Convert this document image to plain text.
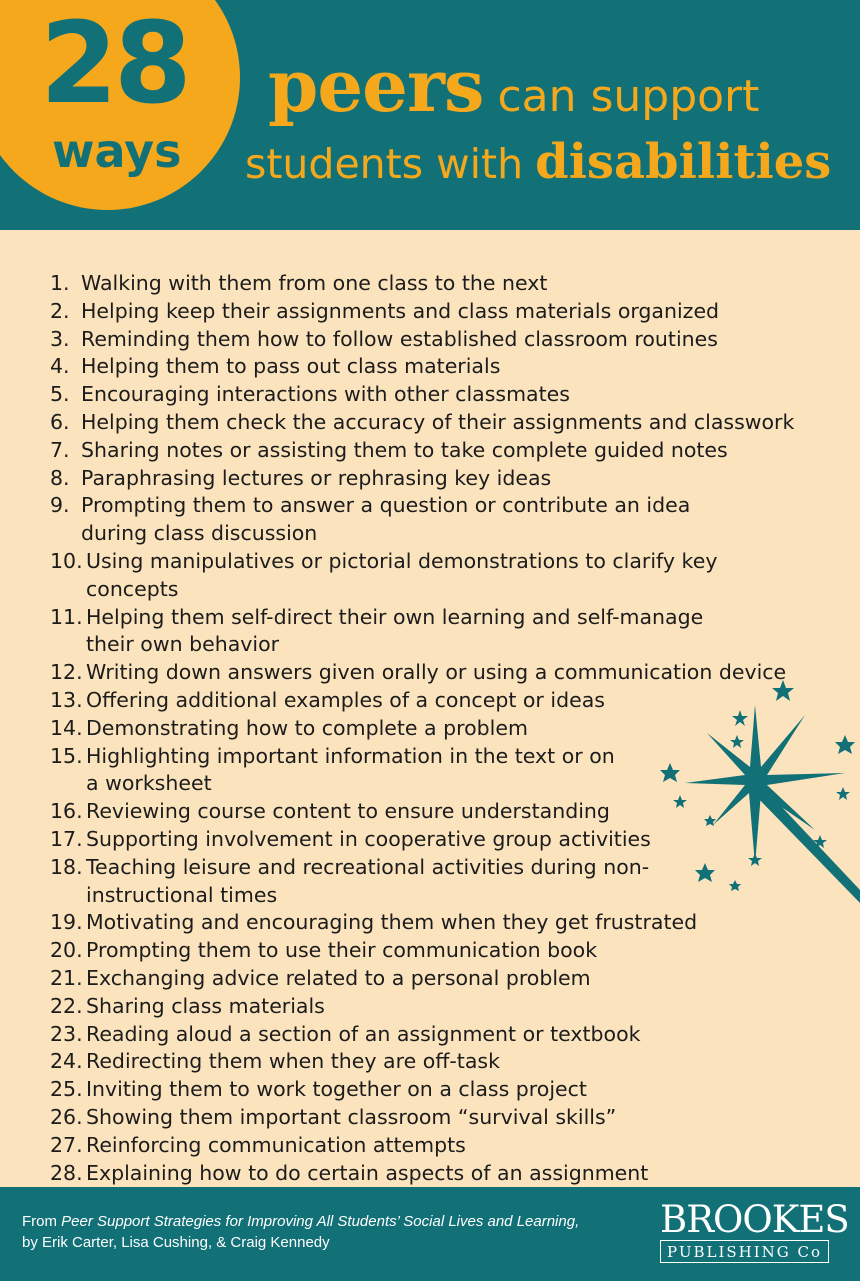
28
ways
peers can support
students with disabilities
1. Walking with them from one class to the next
2. Helping keep their assignments and class materials organized
3. Reminding them how to follow established classroom routines
4. Helping them to pass out class materials
5. Encouraging interactions with other classmates
6. Helping them check the accuracy of their assignments and classwork
7. Sharing notes or assisting them to take complete guided notes
8. Paraphrasing lectures or rephrasing key ideas
9. Prompting them to answer a question or contribute an idea
during class discussion
10. Using manipulatives or pictorial demonstrations to clarify key concepts
11. Helping them self-direct their own learning and self-manage
their own behavior
12. Writing down answers given orally or using a communication device
13. Offering additional examples of a concept or ideas
14. Demonstrating how to complete a problem
15. Highlighting important information in the text or on
a worksheet
16. Reviewing course content to ensure understanding
17. Supporting involvement in cooperative group activities
18. Teaching leisure and recreational activities during non-
instructional times
19. Motivating and encouraging them when they get frustrated
20. Prompting them to use their communication book
21. Exchanging advice related to a personal problem
22. Sharing class materials
23. Reading aloud a section of an assignment or textbook
24. Redirecting them when they are off-task
25. Inviting them to work together on a class project
26. Showing them important classroom “survival skills”
27. Reinforcing communication attempts
28. Explaining how to do certain aspects of an assignment
From Peer Support Strategies for Improving All Students’ Social Lives and Learning,
by Erik Carter, Lisa Cushing, & Craig Kennedy
BROOKES
PUBLISHING Co
